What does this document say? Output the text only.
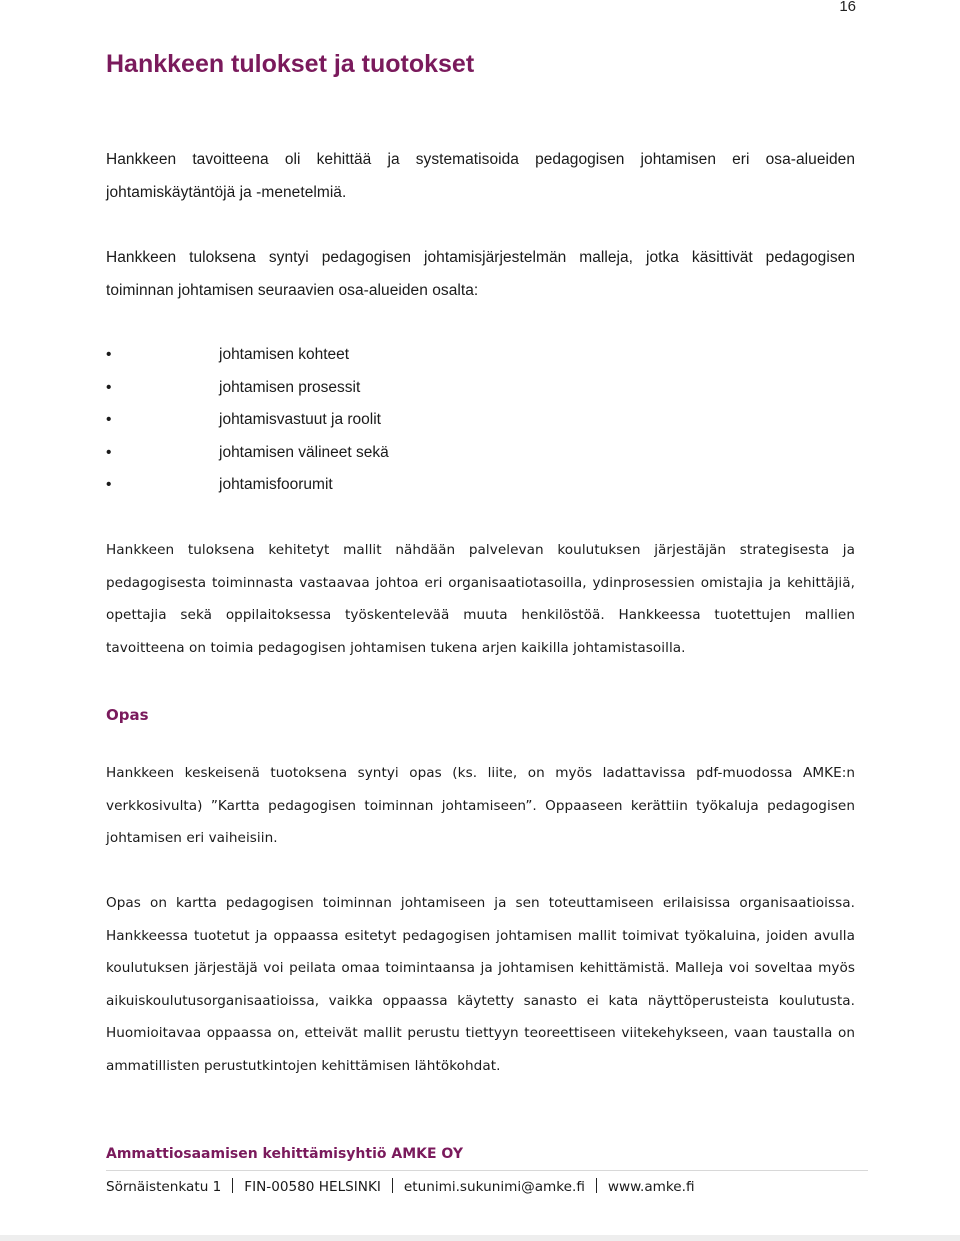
16
Hankkeen tulokset ja tuotokset

Hankkeen tavoitteena oli kehittää ja systematisoida pedagogisen johtamisen eri osa-alueiden johtamiskäytäntöjä ja -menetelmiä.

Hankkeen tuloksena syntyi pedagogisen johtamisjärjestelmän malleja, jotka käsittivät pedagogisen toiminnan johtamisen seuraavien osa-alueiden osalta:

•	johtamisen kohteet
•	johtamisen prosessit
•	johtamisvastuut ja roolit
•	johtamisen välineet sekä
•	johtamisfoorumit

Hankkeen tuloksena kehitetyt mallit nähdään palvelevan koulutuksen järjestäjän strategisesta ja pedagogisesta toiminnasta vastaavaa johtoa eri organisaatiotasoilla, ydinprosessien omistajia ja kehittäjiä, opettajia sekä oppilaitoksessa työskentelevää muuta henkilöstöä. Hankkeessa tuotettujen mallien tavoitteena on toimia pedagogisen johtamisen tukena arjen kaikilla johtamistasoilla.

Opas

Hankkeen keskeisenä tuotoksena syntyi opas (ks. liite, on myös ladattavissa pdf-muodossa AMKE:n verkkosivulta) ”Kartta pedagogisen toiminnan johtamiseen”. Oppaaseen kerättiin työkaluja pedagogisen johtamisen eri vaiheisiin.

Opas on kartta pedagogisen toiminnan johtamiseen ja sen toteuttamiseen erilaisissa organisaatioissa. Hankkeessa tuotetut ja oppaassa esitetyt pedagogisen johtamisen mallit toimivat työkaluina, joiden avulla koulutuksen järjestäjä voi peilata omaa toimintaansa ja johtamisen kehittämistä. Malleja voi soveltaa myös aikuiskoulutusorganisaatioissa, vaikka oppaassa käytetty sanasto ei kata näyttöperusteista koulutusta. Huomioitavaa oppaassa on, etteivät mallit perustu tiettyyn teoreettiseen viitekehykseen, vaan taustalla on ammatillisten perustutkintojen kehittämisen lähtökohdat.

Ammattiosaamisen kehittämisyhtiö AMKE OY
Sörnäistenkatu 1 FIN-00580 HELSINKI etunimi.sukunimi@amke.fi www.amke.fi
